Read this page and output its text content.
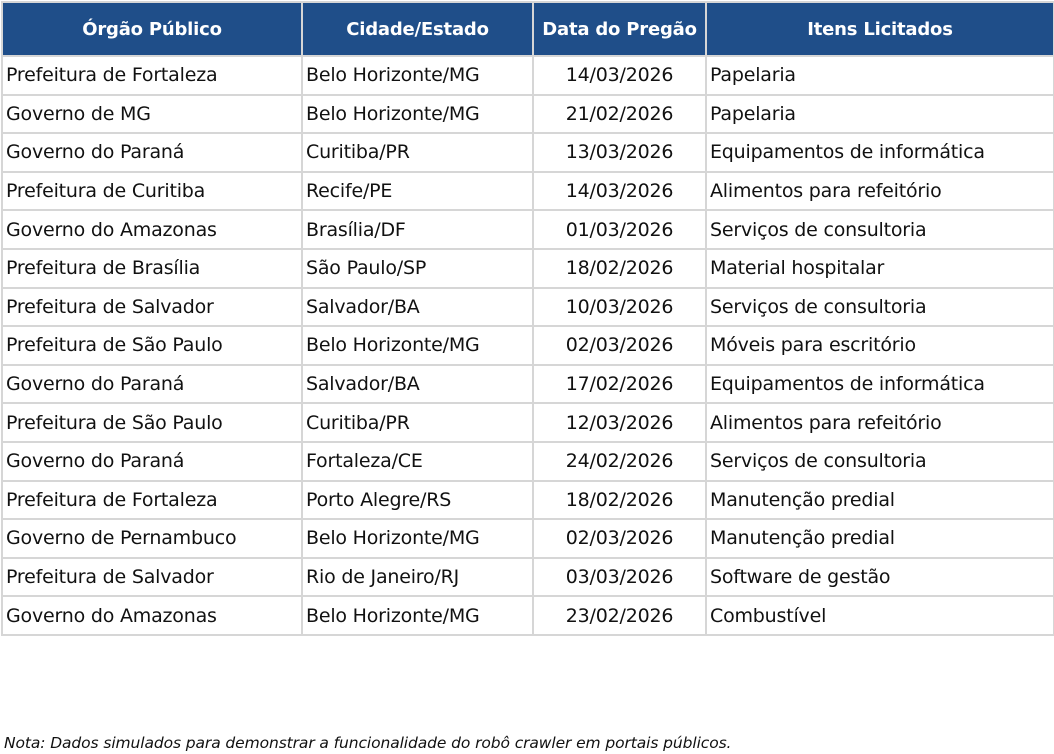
Órgão Público	Cidade/Estado	Data do Pregão	Itens Licitados
Prefeitura de Fortaleza	Belo Horizonte/MG	14/03/2026	Papelaria
Governo de MG	Belo Horizonte/MG	21/02/2026	Papelaria
Governo do Paraná	Curitiba/PR	13/03/2026	Equipamentos de informática
Prefeitura de Curitiba	Recife/PE	14/03/2026	Alimentos para refeitório
Governo do Amazonas	Brasília/DF	01/03/2026	Serviços de consultoria
Prefeitura de Brasília	São Paulo/SP	18/02/2026	Material hospitalar
Prefeitura de Salvador	Salvador/BA	10/03/2026	Serviços de consultoria
Prefeitura de São Paulo	Belo Horizonte/MG	02/03/2026	Móveis para escritório
Governo do Paraná	Salvador/BA	17/02/2026	Equipamentos de informática
Prefeitura de São Paulo	Curitiba/PR	12/03/2026	Alimentos para refeitório
Governo do Paraná	Fortaleza/CE	24/02/2026	Serviços de consultoria
Prefeitura de Fortaleza	Porto Alegre/RS	18/02/2026	Manutenção predial
Governo de Pernambuco	Belo Horizonte/MG	02/03/2026	Manutenção predial
Prefeitura de Salvador	Rio de Janeiro/RJ	03/03/2026	Software de gestão
Governo do Amazonas	Belo Horizonte/MG	23/02/2026	Combustível
Nota: Dados simulados para demonstrar a funcionalidade do robô crawler em portais públicos.
